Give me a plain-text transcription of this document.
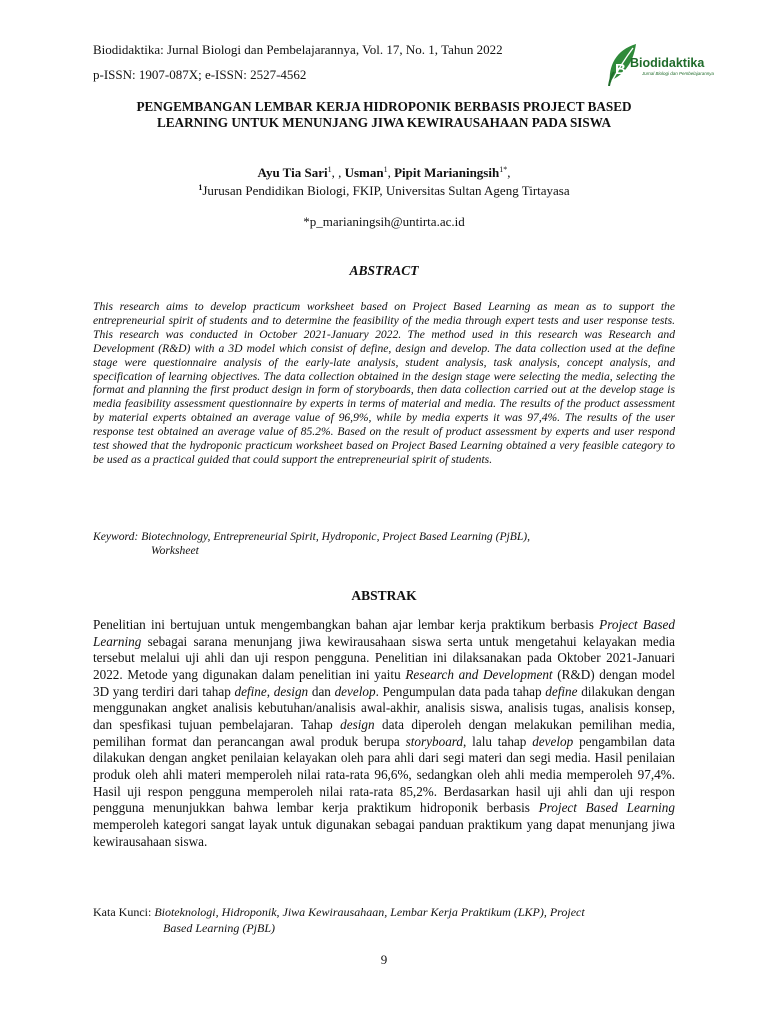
Biodidaktika: Jurnal Biologi dan Pembelajarannya, Vol. 17, No. 1, Tahun 2022
p-ISSN: 1907-087X; e-ISSN: 2527-4562	B Biodidaktika
Jurnal Biologi dan Pembelajarannya
PENGEMBANGAN LEMBAR KERJA HIDROPONIK BERBASIS PROJECT BASED LEARNING UNTUK MENUNJANG JIWA KEWIRAUSAHAAN PADA SISWA
Ayu Tia Sari$^1$, , Usman$^1$, Pipit Marianingsih$^{1*}$,
$^1$Jurusan Pendidikan Biologi, FKIP, Universitas Sultan Ageng Tirtayasa
*p_marianingsih@untirta.ac.id
ABSTRACT
This research aims to develop practicum worksheet based on Project Based Learning as mean as to support the entrepreneurial spirit of students and to determine the feasibility of the media through expert tests and user response tests. This research was conducted in October 2021-January 2022. The method used in this research was Research and Development (R&D) with a 3D model which consist of define, design and develop. The data collection used at the define stage were questionnaire analysis of the early-late analysis, student analysis, task analysis, concept analysis, and specification of learning objectives. The data collection obtained in the design stage were selecting the media, selecting the format and planning the first product design in form of storyboards, then data collection carried out at the develop stage is media feasibility assessment questionnaire by experts in terms of material and media. The results of the product assessment by material experts obtained an average value of 96,9%, while by media experts it was 97,4%. The results of the user response test obtained an average value of 85.2%. Based on the result of product assessment by experts and user respond test showed that the hydroponic practicum worksheet based on Project Based Learning obtained a very feasible category to be used as a practical guided that could support the entrepreneurial spirit of students.
Keyword: Biotechnology, Entrepreneurial Spirit, Hydroponic, Project Based Learning (PjBL),
Worksheet
ABSTRAK
Penelitian ini bertujuan untuk mengembangkan bahan ajar lembar kerja praktikum berbasis Project Based Learning sebagai sarana menunjang jiwa kewirausahaan siswa serta untuk mengetahui kelayakan media tersebut melalui uji ahli dan uji respon pengguna. Penelitian ini dilaksanakan pada Oktober 2021-Januari 2022. Metode yang digunakan dalam penelitian ini yaitu Research and Development (R&D) dengan model 3D yang terdiri dari tahap define, design dan develop. Pengumpulan data pada tahap define dilakukan dengan menggunakan angket analisis kebutuhan/analisis awal-akhir, analisis siswa, analisis tugas, analisis konsep, dan spesfikasi tujuan pembelajaran. Tahap design data diperoleh dengan melakukan pemilihan media, pemilihan format dan perancangan awal produk berupa storyboard, lalu tahap develop pengambilan data dilakukan dengan angket penilaian kelayakan oleh para ahli dari segi materi dan segi media. Hasil penilaian produk oleh ahli materi memperoleh nilai rata-rata 96,6%, sedangkan oleh ahli media memperoleh 97,4%. Hasil uji respon pengguna memperoleh nilai rata-rata 85,2%. Berdasarkan hasil uji ahli dan uji respon pengguna menunjukkan bahwa lembar kerja praktikum hidroponik berbasis Project Based Learning memperoleh kategori sangat layak untuk digunakan sebagai panduan praktikum yang dapat menunjang jiwa kewirausahaan siswa.
Kata Kunci: Bioteknologi, Hidroponik, Jiwa Kewirausahaan, Lembar Kerja Praktikum (LKP), Project
Based Learning (PjBL)
9
